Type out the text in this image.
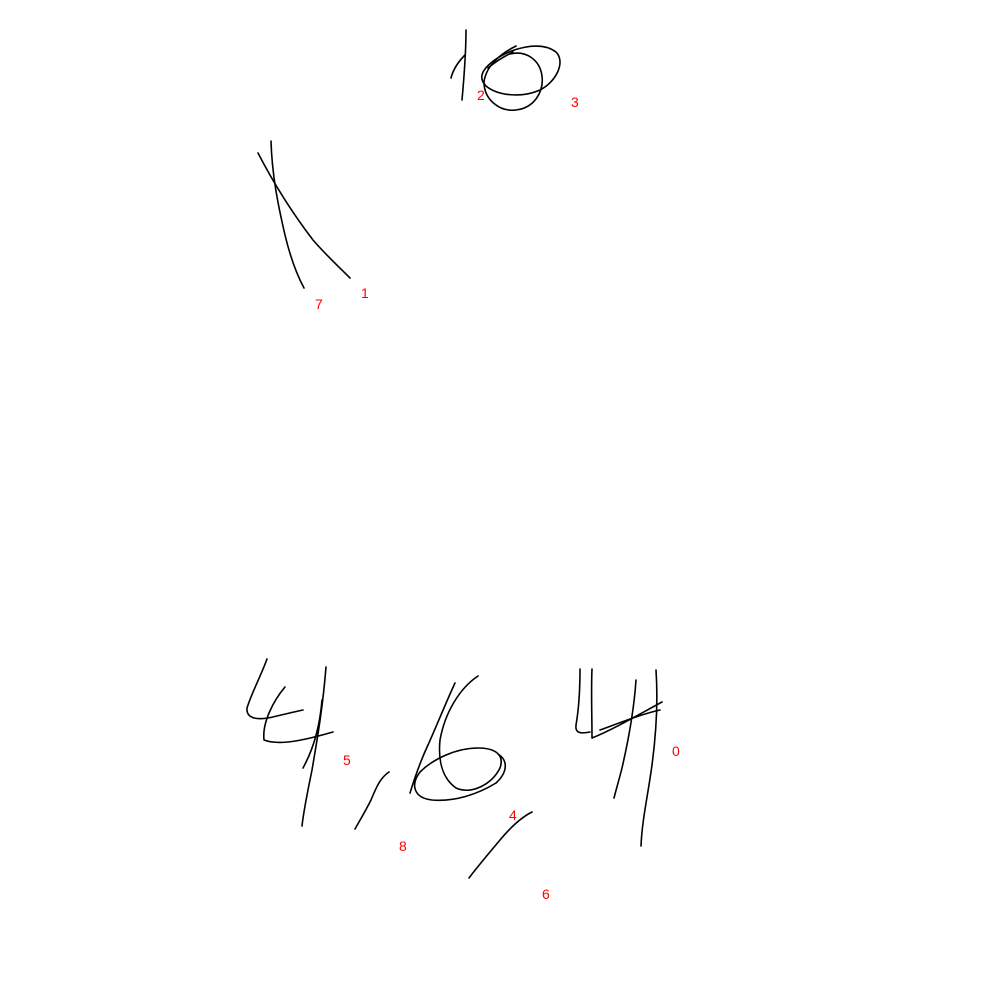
0
1
2	3
4
5
6
7
8
